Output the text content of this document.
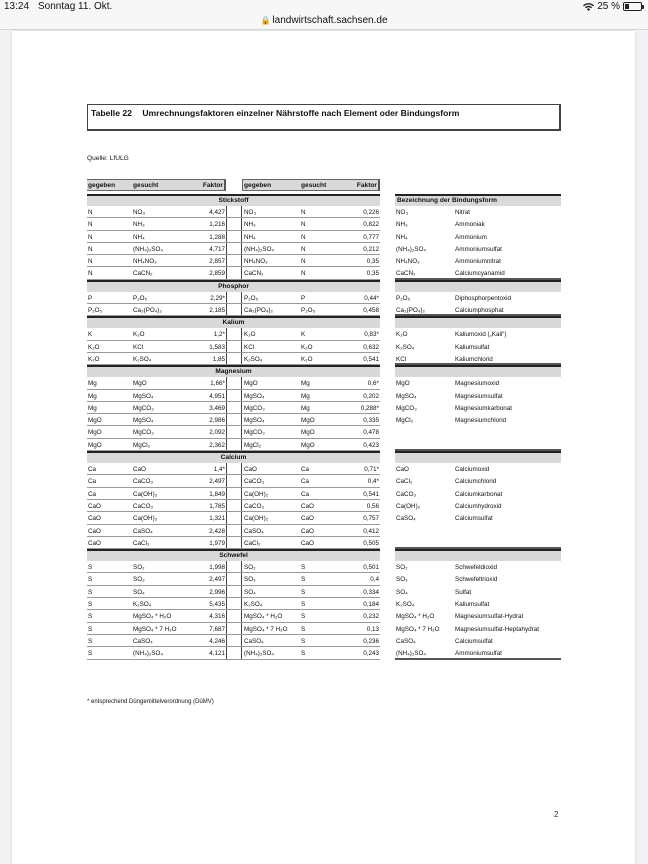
13:24 Sonntag 11. Okt.	25 %
🔒 landwirtschaft.sachsen.de
Tabelle 22 Umrechnungsfaktoren einzelner Nährstoffe nach Element oder Bindungsform
Quelle: LfULG
gegeben	gesucht	Faktor	gegeben	gesucht	Faktor
Stickstoff
N	NO₃	4,427	NO₃	N	0,226
N	NH₃	1,216	NH₃	N	0,822
N	NH₄	1,288	NH₄	N	0,777
N	(NH₄)₂SO₄	4,717	(NH₄)₂SO₄	N	0,212
N	NH₄NO₃	2,857	NH₄NO₃	N	0,35
N	CaCN₂	2,859	CaCN₂	N	0,35
Phosphor
P	P₂O₅	2,29*	P₂O₅	P	0,44*
P₂O₅	Ca₃(PO₄)₂	2,185	Ca₃(PO₄)₂	P₂O₅	0,458
Kalium
K	K₂O	1,2*	K₂O	K	0,83*
K₂O	KCl	1,583	KCl	K₂O	0,632
K₂O	K₂SO₄	1,85	K₂SO₄	K₂O	0,541
Magnesium
Mg	MgO	1,66*	MgO	Mg	0,6*
Mg	MgSO₄	4,951	MgSO₄	Mg	0,202
Mg	MgCO₃	3,469	MgCO₃	Mg	0,288*
MgO	MgSO₄	2,986	MgSO₄	MgO	0,335
MgO	MgCO₃	2,092	MgCO₃	MgO	0,478
MgO	MgCl₂	2,362	MgCl₂	MgO	0,423
Calcium
Ca	CaO	1,4*	CaO	Ca	0,71*
Ca	CaCO₃	2,497	CaCO₃	Ca	0,4*
Ca	Ca(OH)₂	1,849	Ca(OH)₂	Ca	0,541
CaO	CaCO₃	1,785	CaCO₃	CaO	0,56
CaO	Ca(OH)₂	1,321	Ca(OH)₂	CaO	0,757
CaO	CaSO₄	2,428	CaSO₄	CaO	0,412
CaO	CaCl₂	1,979	CaCl₂	CaO	0,505
Schwefel
S	SO₂	1,998	SO₂	S	0,501
S	SO₃	2,497	SO₃	S	0,4
S	SO₄	2,996	SO₄	S	0,334
S	K₂SO₄	5,435	K₂SO₄	S	0,184
S	MgSO₄ * H₂O	4,316	MgSO₄ * H₂O	S	0,232
S	MgSO₄ * 7 H₂O	7,687	MgSO₄ * 7 H₂O S	0,13
S	CaSO₄	4,246	CaSO₄	S	0,236
S	(NH₄)₂SO₄	4,121	(NH₄)₂SO₄	S	0,243
Bezeichnung der Bindungsform
NO₃	Nitrat
NH₃	Ammoniak
NH₄	Ammonium
(NH₄)₂SO₄	Ammoniumsulfat
NH₄NO₃	Ammoniumnitrat
CaCN₂	Calciumcyanamid
P₂O₅	Diphosphorpentoxid
Ca₃(PO₄)₂	Calciumphosphat
K₂O	Kaliumoxid („Kali“)
K₂SO₄	Kaliumsulfat
KCl	Kaliumchlorid
MgO	Magnesiumoxid
MgSO₄	Magnesiumsulfat
MgCO₃	Magnesiumkarbonat
MgCl₂	Magnesiumchlorid
CaO	Calciumoxid
CaCl₂	Calciumchlorid
CaCO₃	Calciumkarbonat
Ca(OH)₂	Calciumhydroxid
CaSO₄	Calciumsulfat
SO₂	Schwefeldioxid
SO₃	Schwefeltrioxid
SO₄	Sulfat
K₂SO₄	Kaliumsulfat
MgSO₄ * H₂O	Magnesiumsulfat-Hydrat
MgSO₄ * 7 H₂O Magnesiumsulfat-Heptahydrat
CaSO₄	Calciumsulfat
(NH₄)₂SO₄	Ammoniumsulfat
* entsprechend Düngemittelverordnung (DüMV)
2
